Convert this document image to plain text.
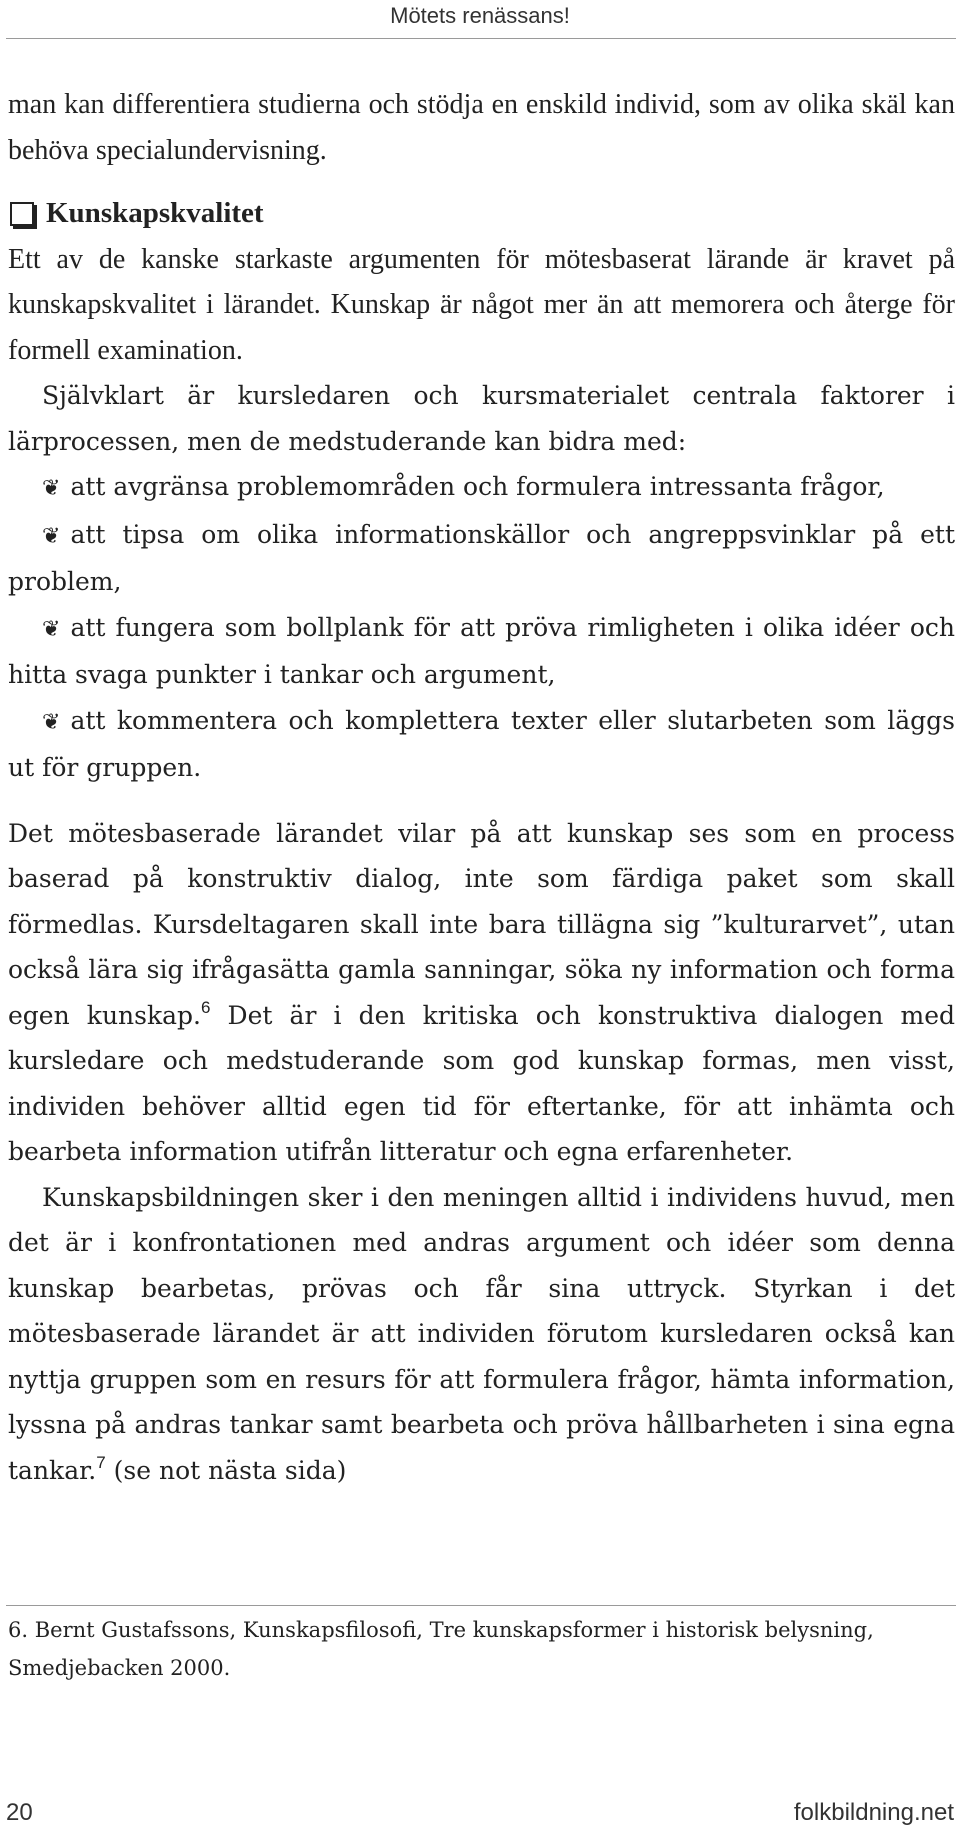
Mötets renässans!

man kan differentiera studierna och stödja en enskild individ, som av olika skäl kan behöva specialundervisning.

Kunskapskvalitet

Ett av de kanske starkaste argumenten för mötesbaserat lärande är kravet på kunskapskvalitet i lärandet. Kunskap är något mer än att memorera och återge för formell examination.

Självklart är kursledaren och kursmaterialet centrala faktorer i lärprocessen, men de medstuderande kan bidra med:

❦ att avgränsa problemområden och formulera intressanta frågor,

❦ att tipsa om olika informationskällor och angreppsvinklar på ett problem,

❦ att fungera som bollplank för att pröva rimligheten i olika idéer och hitta svaga punkter i tankar och argument,

❦ att kommentera och komplettera texter eller slutarbeten som läggs ut för gruppen.

Det mötesbaserade lärandet vilar på att kunskap ses som en process baserad på konstruktiv dialog, inte som färdiga paket som skall förmedlas. Kursdeltagaren skall inte bara tillägna sig ”kulturarvet”, utan också lära sig ifrågasätta gamla sanningar, söka ny information och forma egen kunskap.$^6$ Det är i den kritiska och konstruktiva dialogen med kursledare och medstuderande som god kunskap formas, men visst, individen behöver alltid egen tid för eftertanke, för att inhämta och bearbeta information utifrån litteratur och egna erfarenheter.

Kunskapsbildningen sker i den meningen alltid i individens huvud, men det är i konfrontationen med andras argument och idéer som denna kunskap bearbetas, prövas och får sina uttryck. Styrkan i det mötesbaserade lärandet är att individen förutom kursledaren också kan nyttja gruppen som en resurs för att formulera frågor, hämta information, lyssna på andras tankar samt bearbeta och pröva hållbarheten i sina egna tankar.$^7$ (se not nästa sida)

6. Bernt Gustafssons, Kunskapsfilosofi, Tre kunskapsformer i historisk belysning, Smedjebacken 2000.

20	folkbildning.net
